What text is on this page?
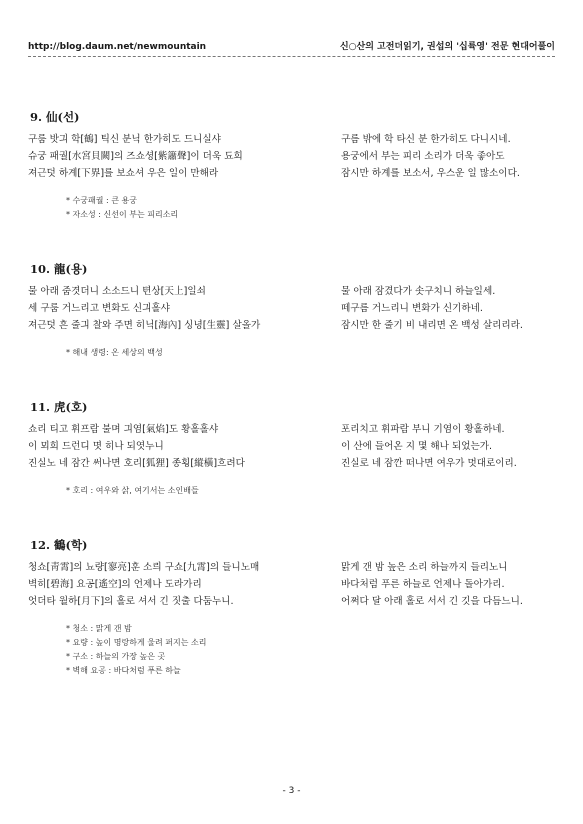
http://blog.daum.net/newmountain	신○산의 고전더읽기, 권섭의 '십륙영' 전문 현대어풀이
9. 仙(선)
구룸 밧긔 학[鶴] 틱신 분닉 한가히도 드니실샤	구름 밖에 학 타신 분 한가히도 다니시네.
슈궁 패궐[水宮貝闕]의 즈쇼셩[紫簫聲]이 더욱 됴희	용궁에서 부는 피리 소리가 더욱 좋아도
져근덧 하계[下界]를 보쇼셔 우은 일이 만해라	잠시만 하계를 보소서, 우스운 일 많소이다.
* 수궁패궐 : 큰 용궁
* 자소성 : 신선이 부는 피리소리
10. 龍(용)
물 아래 줌겻더니 소소드니 텬상[天上]일쇠	물 아래 잠겼다가 솟구치니 하늘일세.
세 구룸 거느리고 변화도 신긔홀샤	떼구름 거느리니 변화가 신기하네.
져근덧 흔 줄긔 찰와 주면 히닉[海內] 싱녕[生靈] 살올가	잠시만 한 줄기 비 내리면 온 백성 살리리라.
* 해내 생령: 온 세상의 백성
11. 虎(호)
쇼리 티고 휘프람 불며 긔염[氣焰]도 황홀홀샤	포리치고 휘파람 부니 기염이 황홀하네.
이 뫼희 드런디 몃 히나 되엿누니	이 산에 들어온 지 몇 해나 되었는가.
진실노 네 잠간 써나면 호리[狐狸] 종횡[縱橫]흐려다	진실로 네 잠깐 떠나면 여우가 멋대로이리.
* 호리 : 여우와 삵, 여기서는 소인배들
12. 鶴(학)
청쇼[靑霄]의 뇨량[寥亮]훈 소릐 구쇼[九霄]의 들니노매	맑게 갠 밤 높은 소리 하늘까지 들리노니
벽히[碧海] 요공[遙空]의 언제나 도라가리	바다처럼 푸른 하늘로 언제나 돌아가리.
엇더타 월하[月下]의 홀로 셔서 긴 짓출 다둠누니.	어쩌다 달 아래 홀로 서서 긴 깃을 다듬느니.
* 청소 : 맑게 갠 밤
* 요량 : 높이 명랑하게 울려 퍼지는 소리
* 구소 : 하늘의 가장 높은 곳
* 벽해 요공 : 바다처럼 푸른 하늘
- 3 -
